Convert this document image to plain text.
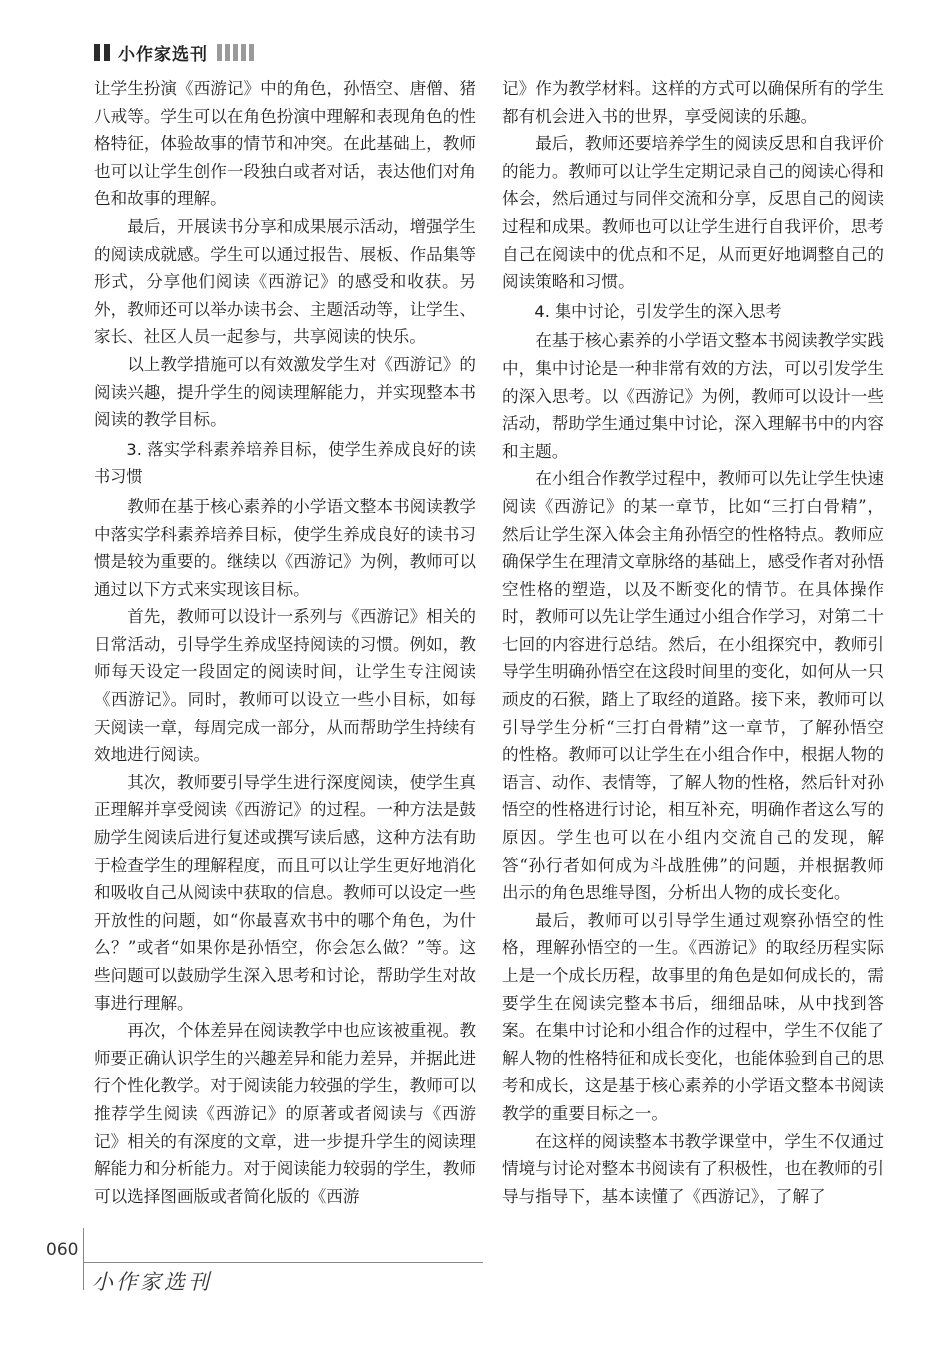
小作家选刊

让学生扮演《西游记》中的角色，孙悟空、唐僧、猪八戒等。学生可以在角色扮演中理解和表现角色的性格特征，体验故事的情节和冲突。在此基础上，教师也可以让学生创作一段独白或者对话，表达他们对角色和故事的理解。

最后，开展读书分享和成果展示活动，增强学生的阅读成就感。学生可以通过报告、展板、作品集等形式，分享他们阅读《西游记》的感受和收获。另外，教师还可以举办读书会、主题活动等，让学生、家长、社区人员一起参与，共享阅读的快乐。

以上教学措施可以有效激发学生对《西游记》的阅读兴趣，提升学生的阅读理解能力，并实现整本书阅读的教学目标。

3. 落实学科素养培养目标，使学生养成良好的读书习惯

教师在基于核心素养的小学语文整本书阅读教学中落实学科素养培养目标，使学生养成良好的读书习惯是较为重要的。继续以《西游记》为例，教师可以通过以下方式来实现该目标。

首先，教师可以设计一系列与《西游记》相关的日常活动，引导学生养成坚持阅读的习惯。例如，教师每天设定一段固定的阅读时间，让学生专注阅读《西游记》。同时，教师可以设立一些小目标，如每天阅读一章，每周完成一部分，从而帮助学生持续有效地进行阅读。

其次，教师要引导学生进行深度阅读，使学生真正理解并享受阅读《西游记》的过程。一种方法是鼓励学生阅读后进行复述或撰写读后感，这种方法有助于检查学生的理解程度，而且可以让学生更好地消化和吸收自己从阅读中获取的信息。教师可以设定一些开放性的问题，如“你最喜欢书中的哪个角色，为什么？”或者“如果你是孙悟空，你会怎么做？”等。这些问题可以鼓励学生深入思考和讨论，帮助学生对故事进行理解。

再次，个体差异在阅读教学中也应该被重视。教师要正确认识学生的兴趣差异和能力差异，并据此进行个性化教学。对于阅读能力较强的学生，教师可以推荐学生阅读《西游记》的原著或者阅读与《西游记》相关的有深度的文章，进一步提升学生的阅读理解能力和分析能力。对于阅读能力较弱的学生，教师可以选择图画版或者简化版的《西游

记》作为教学材料。这样的方式可以确保所有的学生都有机会进入书的世界，享受阅读的乐趣。

最后，教师还要培养学生的阅读反思和自我评价的能力。教师可以让学生定期记录自己的阅读心得和体会，然后通过与同伴交流和分享，反思自己的阅读过程和成果。教师也可以让学生进行自我评价，思考自己在阅读中的优点和不足，从而更好地调整自己的阅读策略和习惯。

4. 集中讨论，引发学生的深入思考

在基于核心素养的小学语文整本书阅读教学实践中，集中讨论是一种非常有效的方法，可以引发学生的深入思考。以《西游记》为例，教师可以设计一些活动，帮助学生通过集中讨论，深入理解书中的内容和主题。

在小组合作教学过程中，教师可以先让学生快速阅读《西游记》的某一章节，比如“三打白骨精”，然后让学生深入体会主角孙悟空的性格特点。教师应确保学生在理清文章脉络的基础上，感受作者对孙悟空性格的塑造，以及不断变化的情节。在具体操作时，教师可以先让学生通过小组合作学习，对第二十七回的内容进行总结。然后，在小组探究中，教师引导学生明确孙悟空在这段时间里的变化，如何从一只顽皮的石猴，踏上了取经的道路。接下来，教师可以引导学生分析“三打白骨精”这一章节，了解孙悟空的性格。教师可以让学生在小组合作中，根据人物的语言、动作、表情等，了解人物的性格，然后针对孙悟空的性格进行讨论，相互补充，明确作者这么写的原因。学生也可以在小组内交流自己的发现，解答“孙行者如何成为斗战胜佛”的问题，并根据教师出示的角色思维导图，分析出人物的成长变化。

最后，教师可以引导学生通过观察孙悟空的性格，理解孙悟空的一生。《西游记》的取经历程实际上是一个成长历程，故事里的角色是如何成长的，需要学生在阅读完整本书后，细细品味，从中找到答案。在集中讨论和小组合作的过程中，学生不仅能了解人物的性格特征和成长变化，也能体验到自己的思考和成长，这是基于核心素养的小学语文整本书阅读教学的重要目标之一。

在这样的阅读整本书教学课堂中，学生不仅通过情境与讨论对整本书阅读有了积极性，也在教师的引导与指导下，基本读懂了《西游记》，了解了

060
小作家选刊
